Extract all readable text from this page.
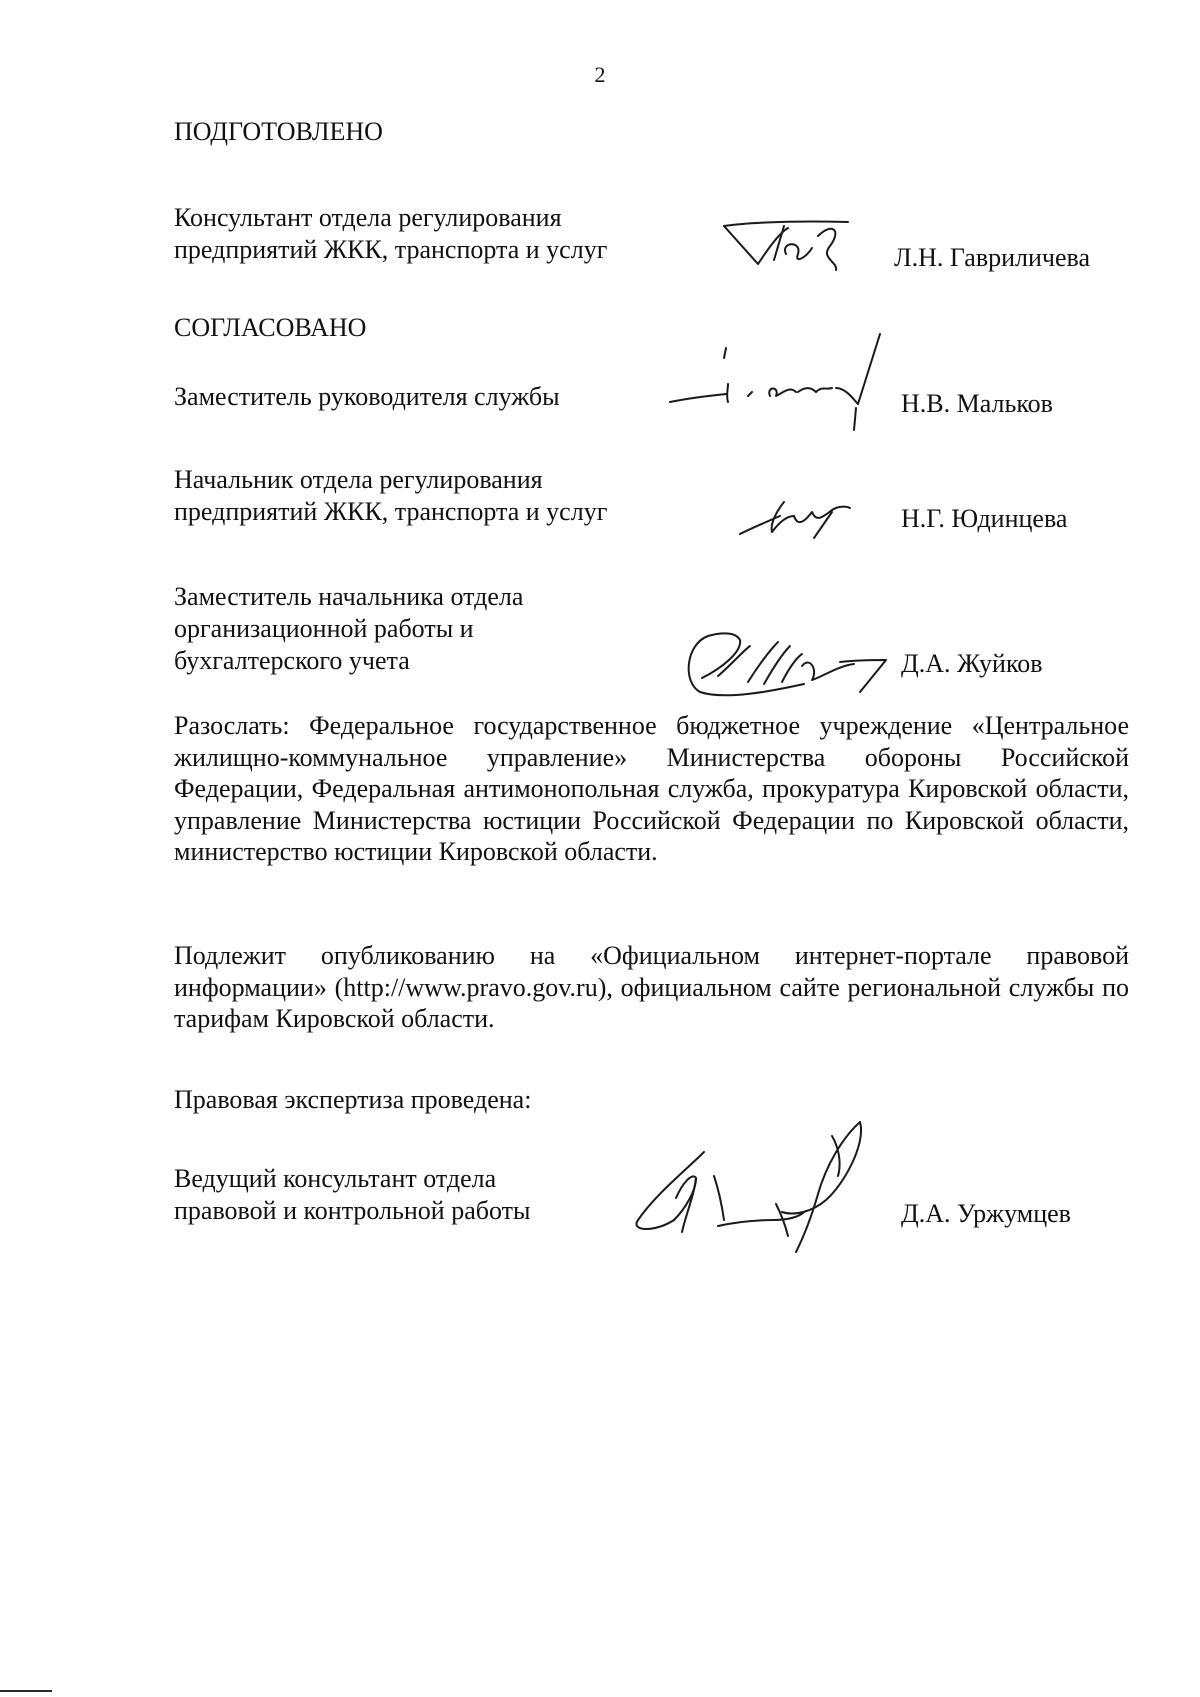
2
ПОДГОТОВЛЕНО
Консультант отдела регулирования
предприятий ЖКК, транспорта и услуг	Л.Н. Гавриличева
СОГЛАСОВАНО
Заместитель руководителя службы	Н.В. Мальков
Начальник отдела регулирования
предприятий ЖКК, транспорта и услуг	Н.Г. Юдинцева
Заместитель начальника отдела
организационной работы и
бухгалтерского учета	Д.А. Жуйков
Разослать: Федеральное государственное бюджетное учреждение «Центральное жилищно-коммунальное управление» Министерства обороны Российской Федерации, Федеральная антимонопольная служба, прокуратура Кировской области, управление Министерства юстиции Российской Федерации по Кировской области, министерство юстиции Кировской области.
Подлежит опубликованию на «Официальном интернет-портале правовой информации» (http://www.pravo.gov.ru), официальном сайте региональной службы по тарифам Кировской области.
Правовая экспертиза проведена:
Ведущий консультант отдела
правовой и контрольной работы	Д.А. Уржумцев
